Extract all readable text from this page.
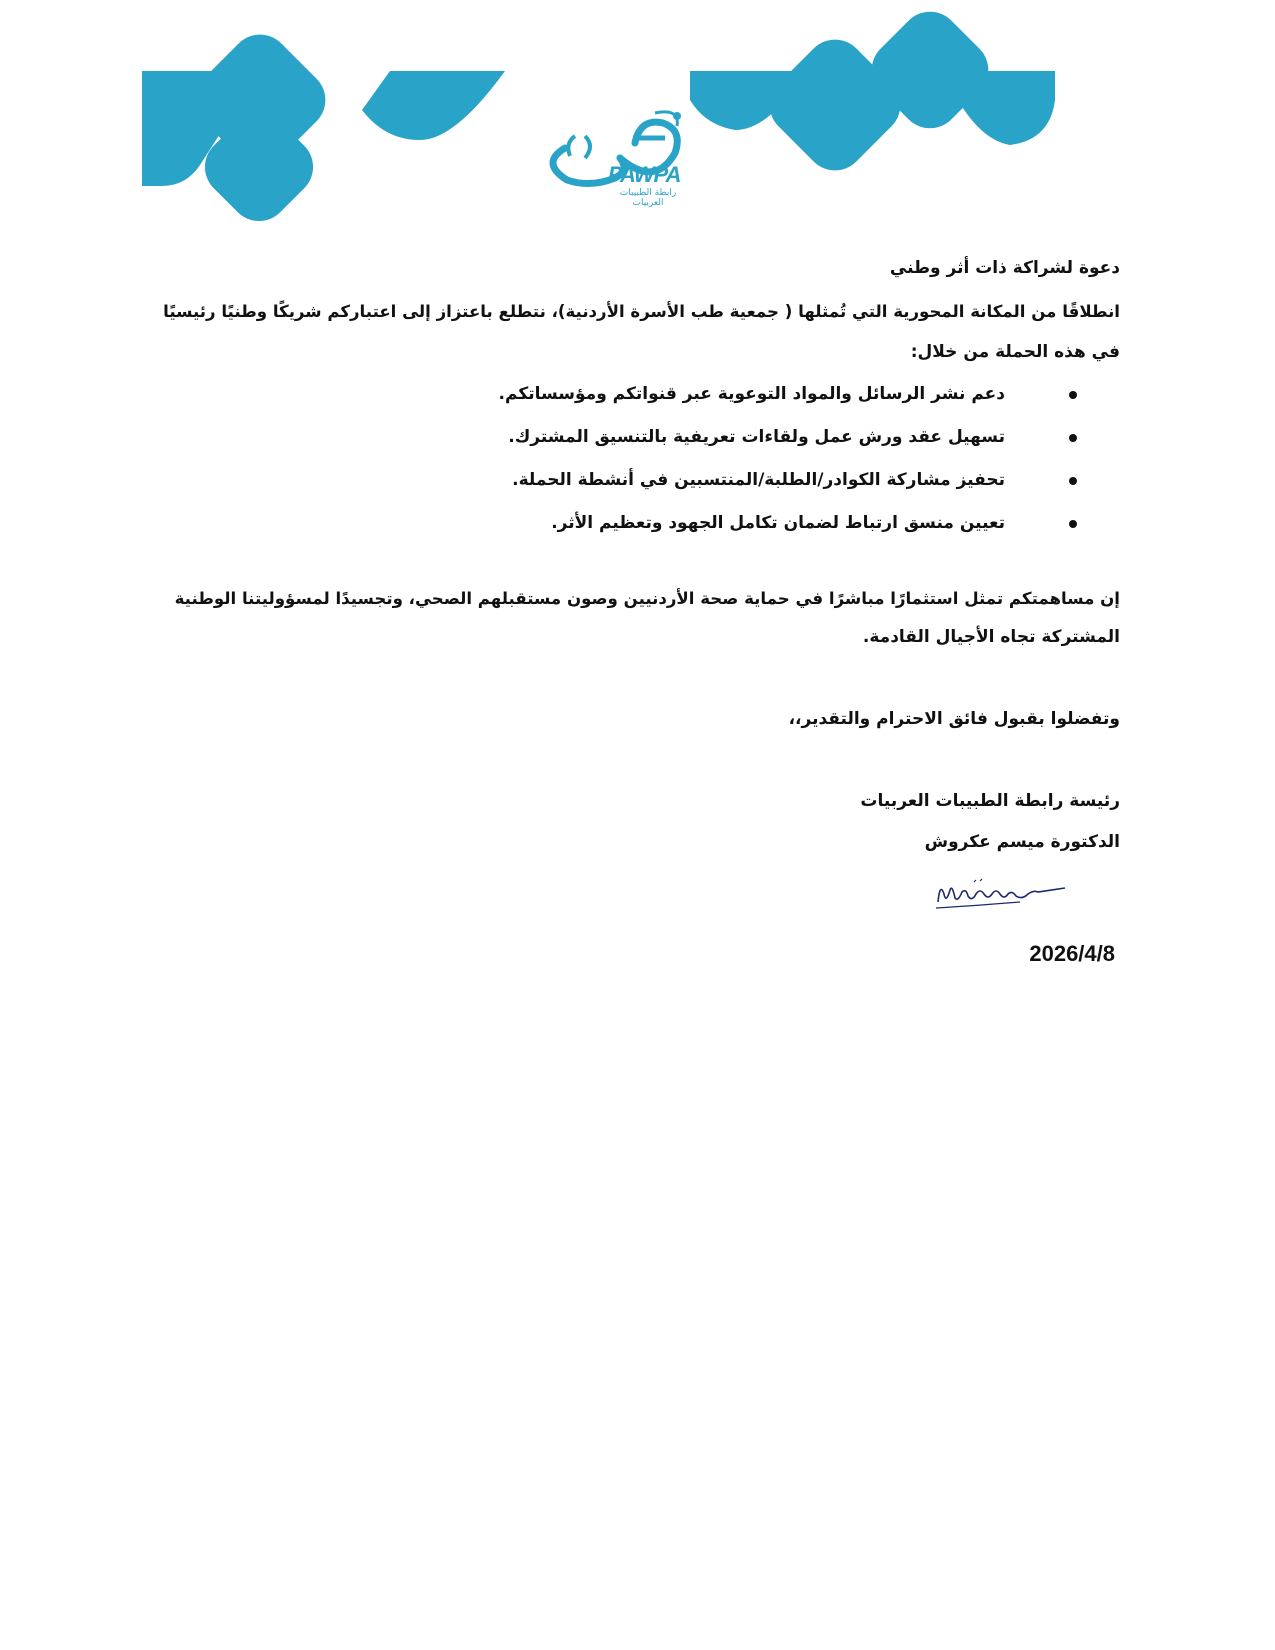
PAWPA
رابطة الطبيبات العربيات
دعوة لشراكة ذات أثر وطني
انطلاقًا من المكانة المحورية التي تُمثلها ( جمعية طب الأسرة الأردنية)، نتطلع باعتزاز إلى اعتباركم شريكًا وطنيًا رئيسيًا
في هذه الحملة من خلال:
دعم نشر الرسائل والمواد التوعوية عبر قنواتكم ومؤسساتكم.
تسهيل عقد ورش عمل ولقاءات تعريفية بالتنسيق المشترك.
تحفيز مشاركة الكوادر/الطلبة/المنتسبين في أنشطة الحملة.
تعيين منسق ارتباط لضمان تكامل الجهود وتعظيم الأثر.
إن مساهمتكم تمثل استثمارًا مباشرًا في حماية صحة الأردنيين وصون مستقبلهم الصحي، وتجسيدًا لمسؤوليتنا الوطنية
المشتركة تجاه الأجيال القادمة.
وتفضلوا بقبول فائق الاحترام والتقدير،،
رئيسة رابطة الطبيبات العربيات
الدكتورة ميسم عكروش
2026/4/8
